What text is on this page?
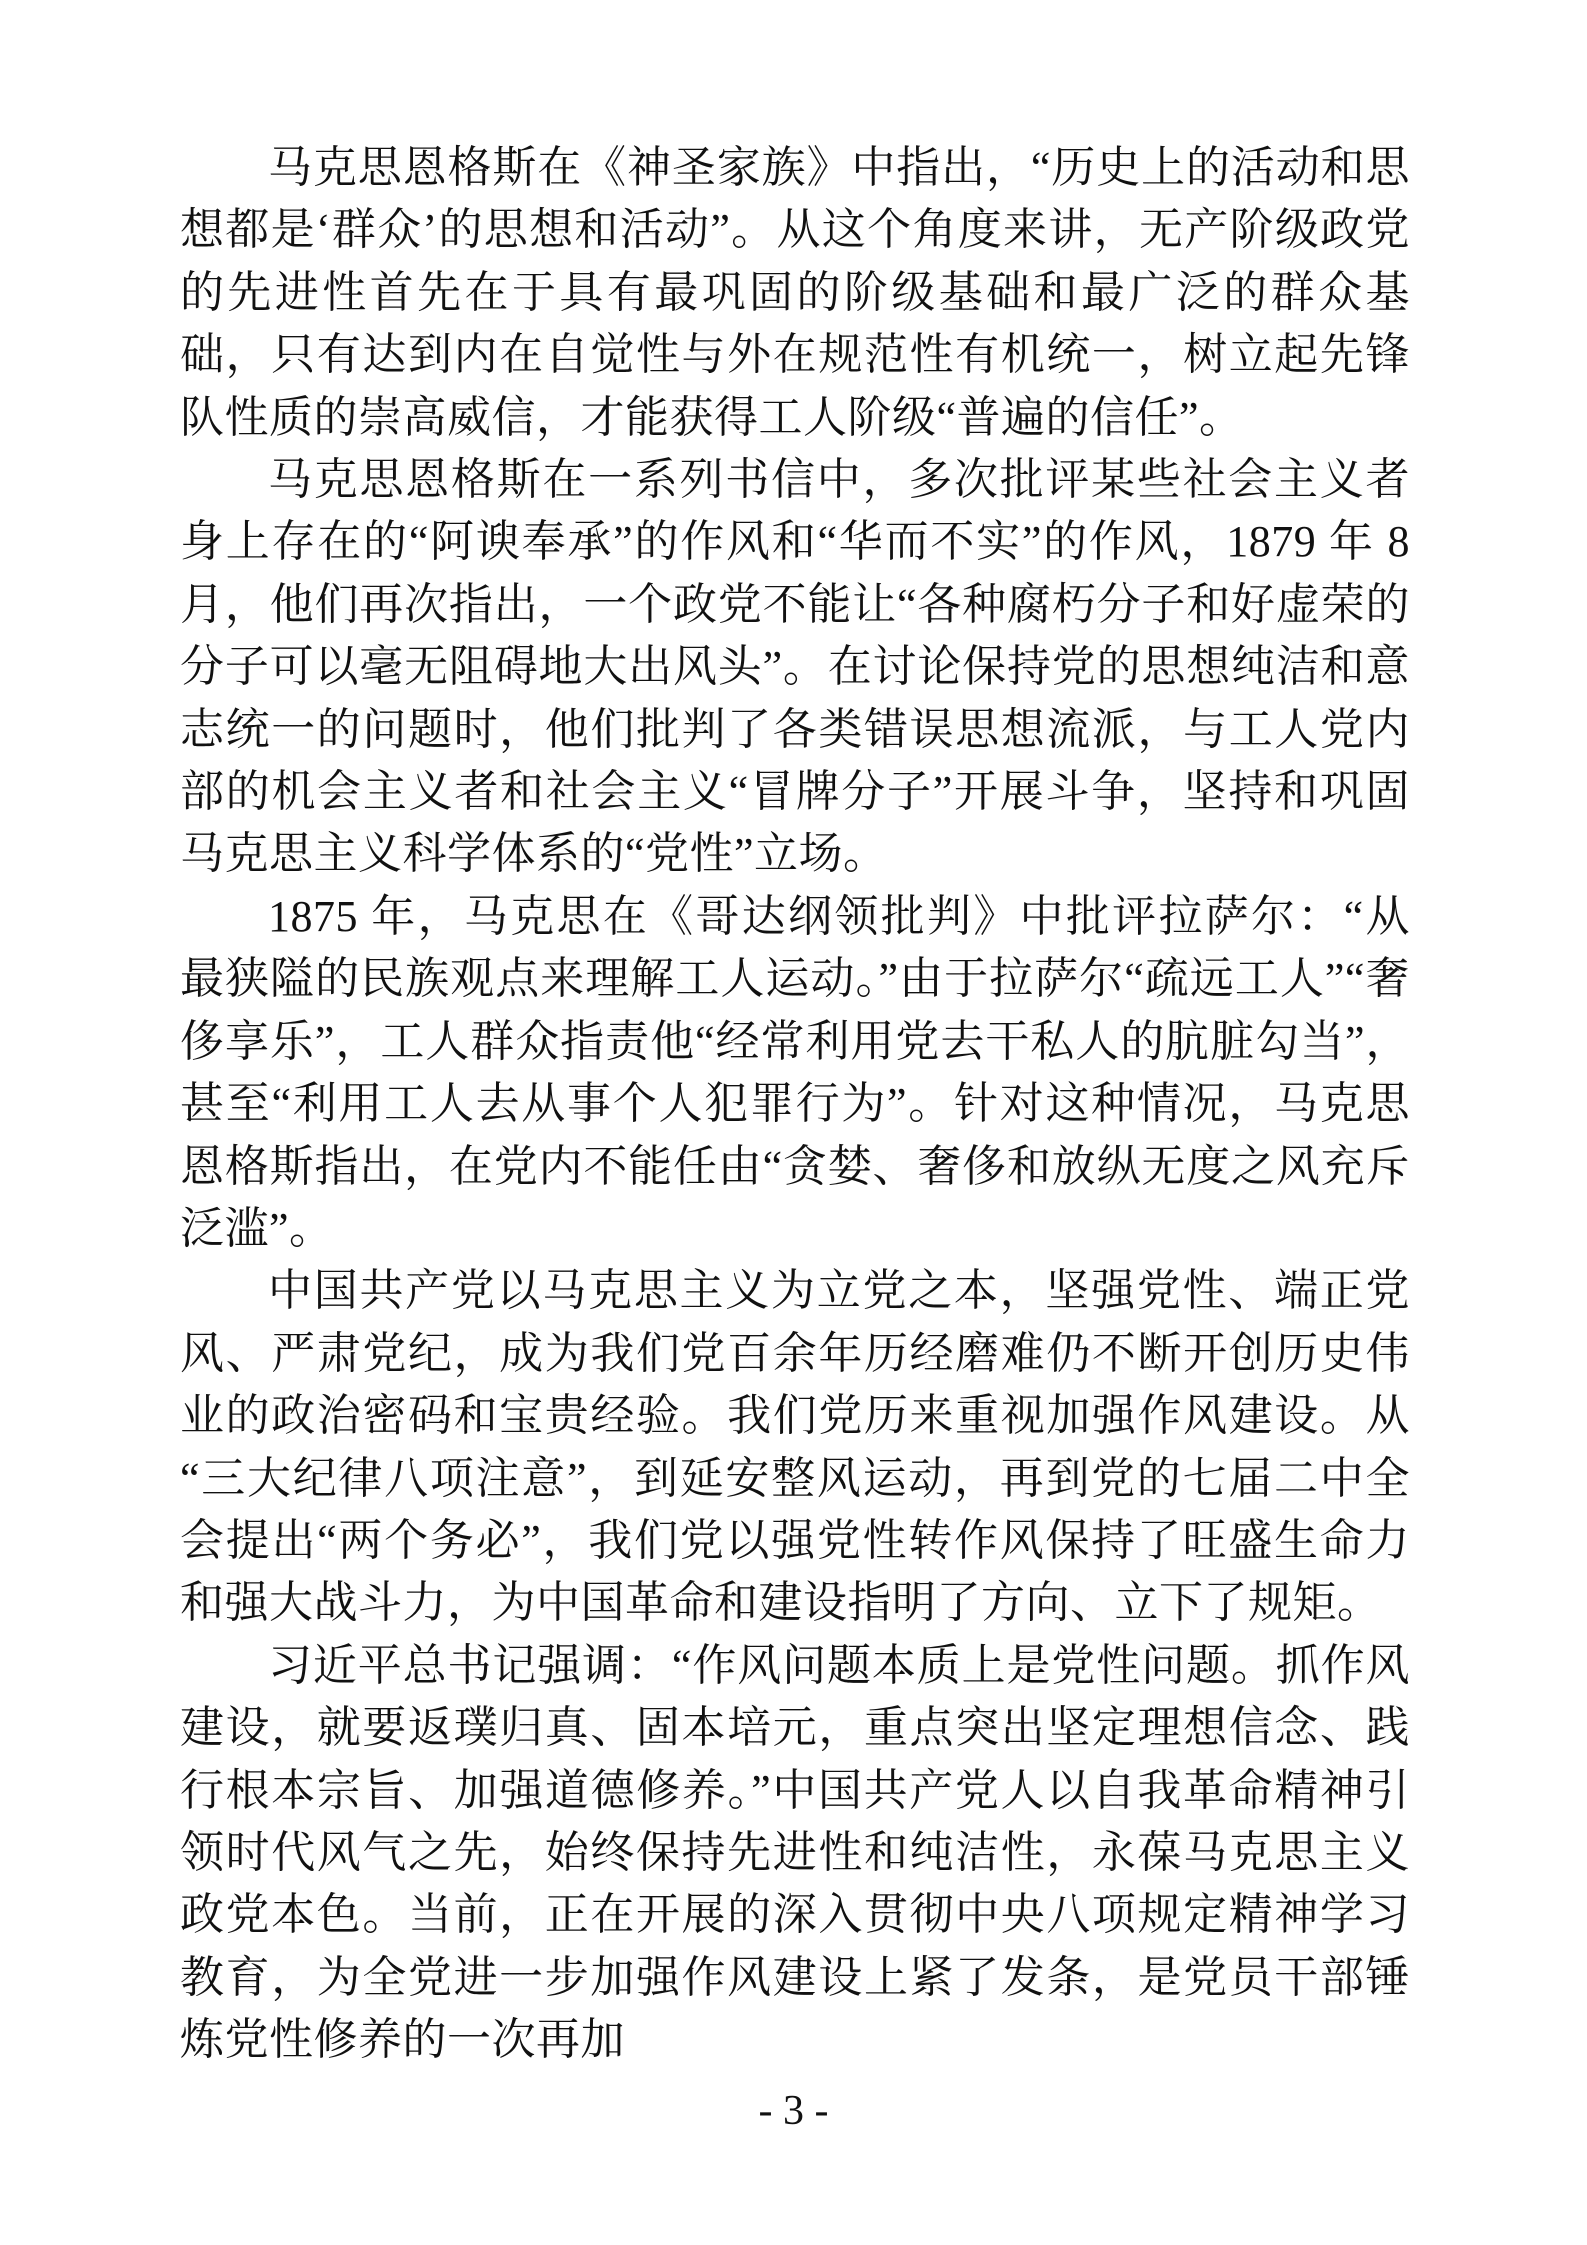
马克思恩格斯在《神圣家族》中指出，“历史上的活动和思想都是‘群众’的思想和活动”。从这个角度来讲，无产阶级政党的先进性首先在于具有最巩固的阶级基础和最广泛的群众基础，只有达到内在自觉性与外在规范性有机统一，树立起先锋队性质的崇高威信，才能获得工人阶级“普遍的信任”。

马克思恩格斯在一系列书信中，多次批评某些社会主义者身上存在的“阿谀奉承”的作风和“华而不实”的作风，1879 年 8 月，他们再次指出，一个政党不能让“各种腐朽分子和好虚荣的分子可以毫无阻碍地大出风头”。在讨论保持党的思想纯洁和意志统一的问题时，他们批判了各类错误思想流派，与工人党内部的机会主义者和社会主义“冒牌分子”开展斗争，坚持和巩固马克思主义科学体系的“党性”立场。

1875 年，马克思在《哥达纲领批判》中批评拉萨尔：“从最狭隘的民族观点来理解工人运动。”由于拉萨尔“疏远工人”“奢侈享乐”，工人群众指责他“经常利用党去干私人的肮脏勾当”，甚至“利用工人去从事个人犯罪行为”。针对这种情况，马克思恩格斯指出，在党内不能任由“贪婪、奢侈和放纵无度之风充斥泛滥”。

中国共产党以马克思主义为立党之本，坚强党性、端正党风、严肃党纪，成为我们党百余年历经磨难仍不断开创历史伟业的政治密码和宝贵经验。我们党历来重视加强作风建设。从“三大纪律八项注意”，到延安整风运动，再到党的七届二中全会提出“两个务必”，我们党以强党性转作风保持了旺盛生命力和强大战斗力，为中国革命和建设指明了方向、立下了规矩。

习近平总书记强调：“作风问题本质上是党性问题。抓作风建设，就要返璞归真、固本培元，重点突出坚定理想信念、践行根本宗旨、加强道德修养。”中国共产党人以自我革命精神引领时代风气之先，始终保持先进性和纯洁性，永葆马克思主义政党本色。当前，正在开展的深入贯彻中央八项规定精神学习教育，为全党进一步加强作风建设上紧了发条，是党员干部锤炼党性修养的一次再加

- 3 -
